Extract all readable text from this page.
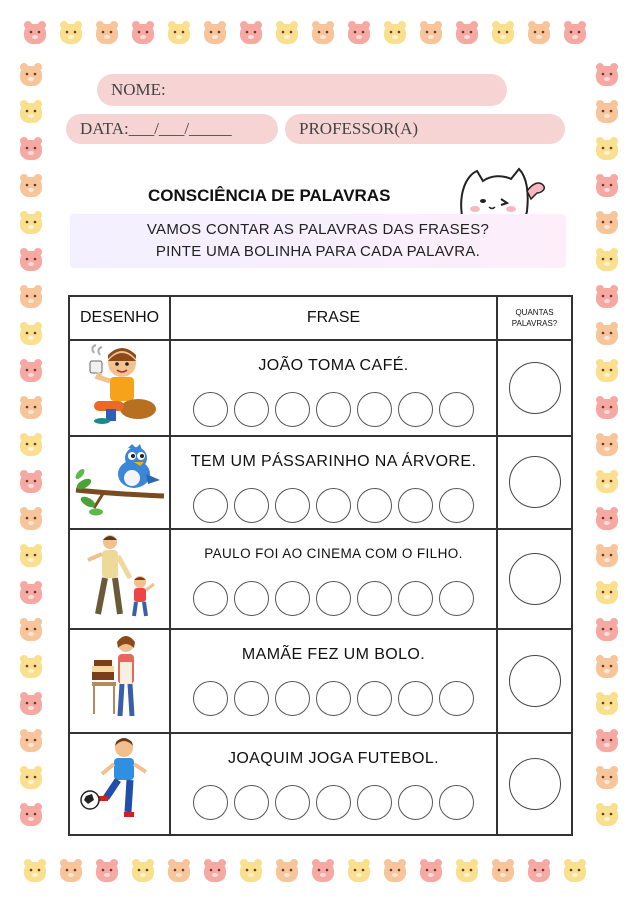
NOME:
DATA:___/___/_____	PROFESSOR(A)
CONSCIÊNCIA DE PALAVRAS
VAMOS CONTAR AS PALAVRAS DAS FRASES?
PINTE UMA BOLINHA PARA CADA PALAVRA.
DESENHO	FRASE	QUANTAS
PALAVRAS?

JOÃO TOMA CAFÉ.	

TEM UM PÁSSARINHO NA ÁRVORE.	

PAULO FOI AO CINEMA COM O FILHO.	

MAMÃE FEZ UM BOLO.	

JOAQUIM JOGA FUTEBOL.	
